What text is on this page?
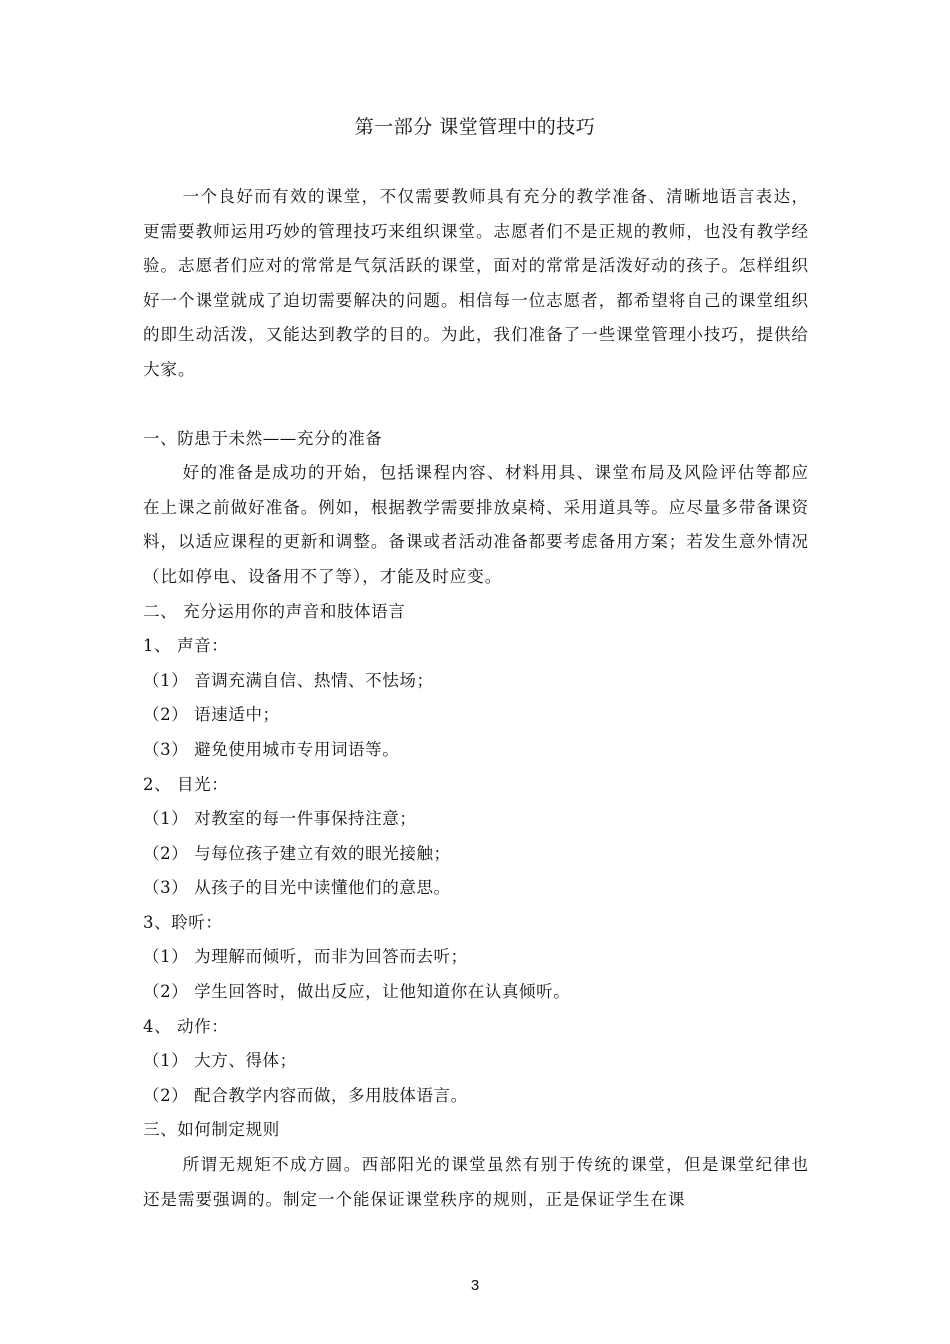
第一部分 课堂管理中的技巧

一个良好而有效的课堂，不仅需要教师具有充分的教学准备、清晰地语言表达，更需要教师运用巧妙的管理技巧来组织课堂。志愿者们不是正规的教师，也没有教学经验。志愿者们应对的常常是气氛活跃的课堂，面对的常常是活泼好动的孩子。怎样组织好一个课堂就成了迫切需要解决的问题。相信每一位志愿者，都希望将自己的课堂组织的即生动活泼，又能达到教学的目的。为此，我们准备了一些课堂管理小技巧，提供给大家。

一、防患于未然——充分的准备

好的准备是成功的开始，包括课程内容、材料用具、课堂布局及风险评估等都应在上课之前做好准备。例如，根据教学需要排放桌椅、采用道具等。应尽量多带备课资料，以适应课程的更新和调整。备课或者活动准备都要考虑备用方案；若发生意外情况（比如停电、设备用不了等），才能及时应变。

二、 充分运用你的声音和肢体语言

1、 声音：

（1） 音调充满自信、热情、不怯场；

（2） 语速适中；

（3） 避免使用城市专用词语等。

2、 目光：

（1） 对教室的每一件事保持注意；

（2） 与每位孩子建立有效的眼光接触；

（3） 从孩子的目光中读懂他们的意思。

3、聆听：

（1） 为理解而倾听，而非为回答而去听；

（2） 学生回答时，做出反应，让他知道你在认真倾听。

4、 动作：

（1） 大方、得体；

（2） 配合教学内容而做，多用肢体语言。

三、如何制定规则

所谓无规矩不成方圆。西部阳光的课堂虽然有别于传统的课堂，但是课堂纪律也还是需要强调的。制定一个能保证课堂秩序的规则，正是保证学生在课

3
